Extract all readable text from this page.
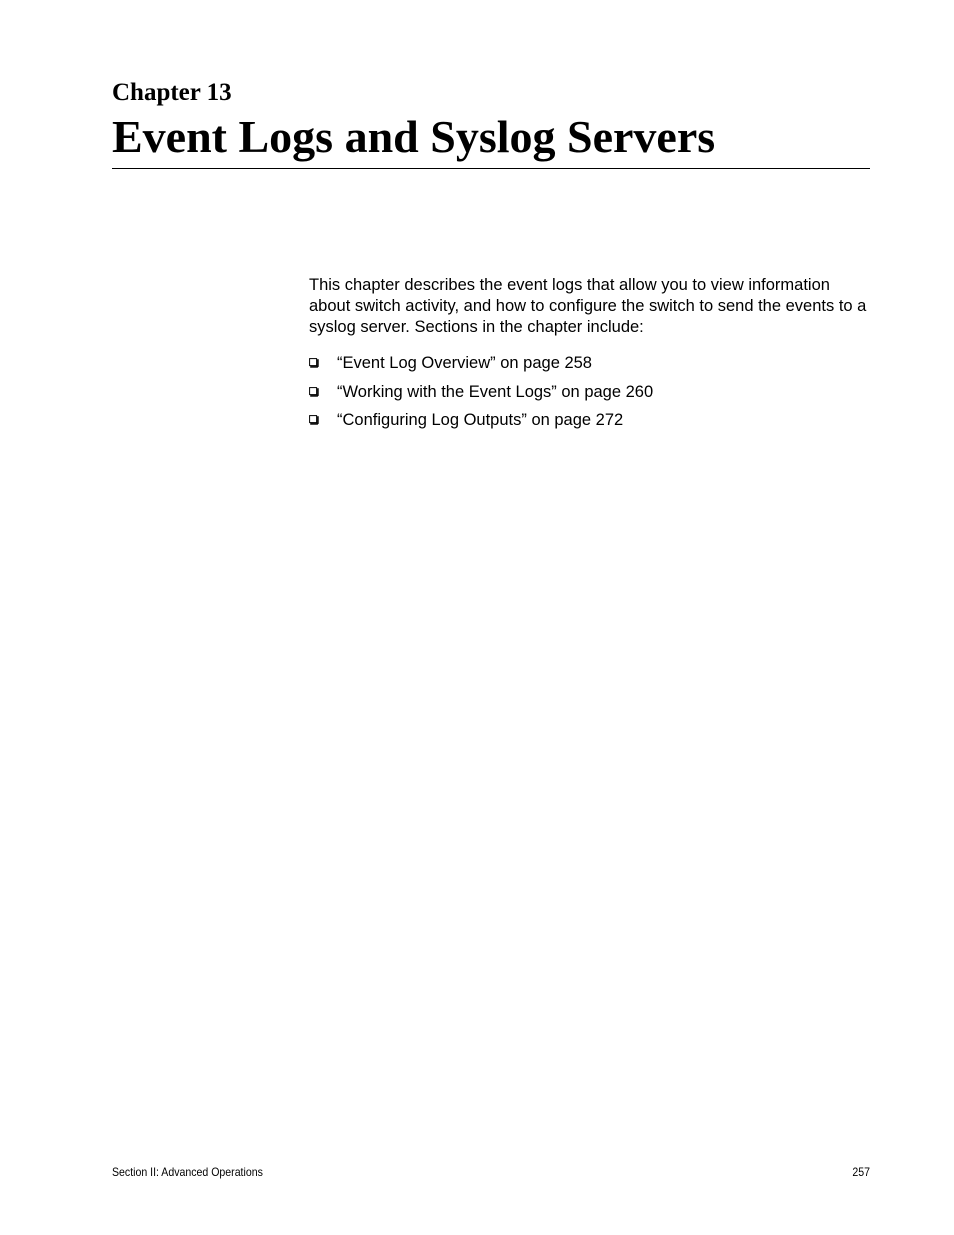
Chapter 13
Event Logs and Syslog Servers

This chapter describes the event logs that allow you to view information about switch activity, and how to configure the switch to send the events to a syslog server. Sections in the chapter include:

“Event Log Overview” on page 258
“Working with the Event Logs” on page 260
“Configuring Log Outputs” on page 272
Section II: Advanced Operations	257
